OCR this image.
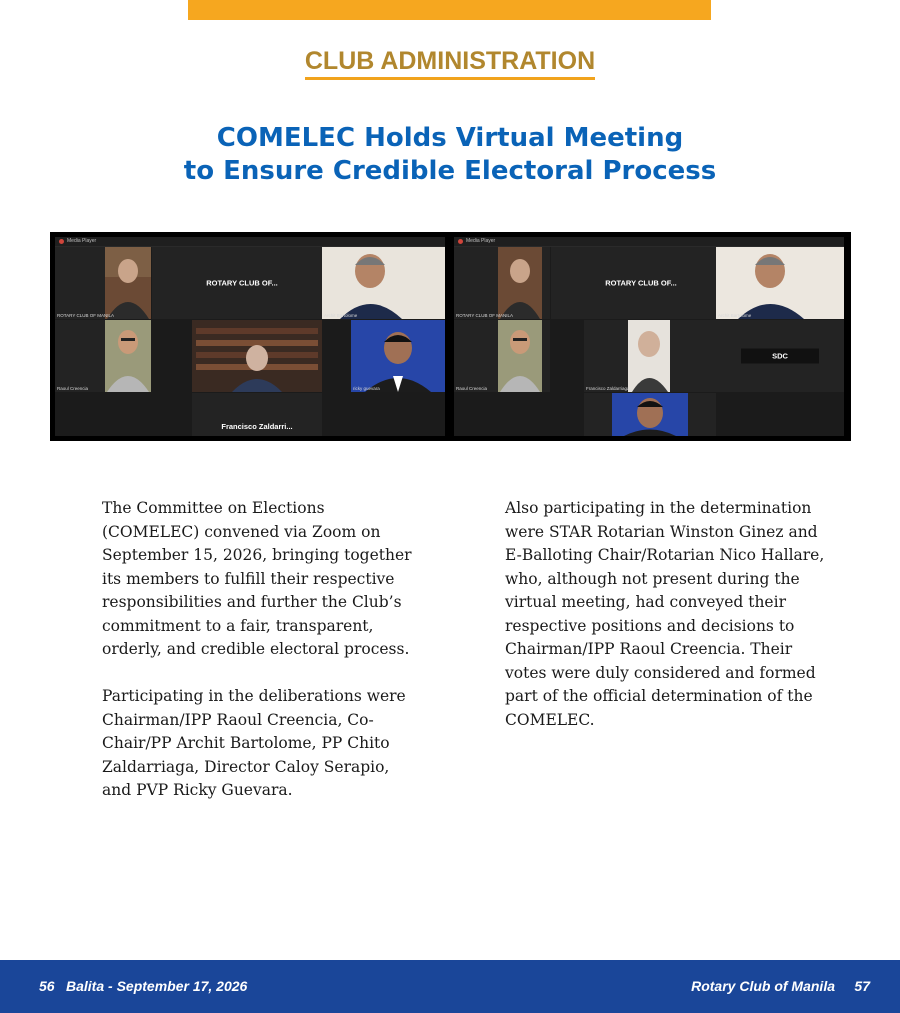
CLUB ADMINISTRATION
COMELEC Holds Virtual Meeting
to Ensure Credible Electoral Process
Media Player
ROTARY CLUB OF MANILA
Raoul Creencia
ROTARY CLUB OF...
Archit Bartolome
ricky guevara
Francisco Zaldarri...
Media Player
ROTARY CLUB OF MANILA
Raoul Creencia
ROTARY CLUB OF...
Archit Bartolome
Francisco Zaldarriaga
SDC

The Committee on Elections (COMELEC) convened via Zoom on September 15, 2026, bringing together its members to fulfill their respective responsibilities and further the Club’s commitment to a fair, transparent, orderly, and credible electoral process.

Participating in the deliberations were Chairman/IPP Raoul Creencia, Co-Chair/PP Archit Bartolome, PP Chito Zaldarriaga, Director Caloy Serapio, and PVP Ricky Guevara.

Also participating in the determination were STAR Rotarian Winston Ginez and E-Balloting Chair/Rotarian Nico Hallare, who, although not present during the virtual meeting, had conveyed their respective positions and decisions to Chairman/IPP Raoul Creencia. Their votes were duly considered and formed part of the official determination of the COMELEC.

56 Balita - September 17, 2026	Rotary Club of Manila 57
